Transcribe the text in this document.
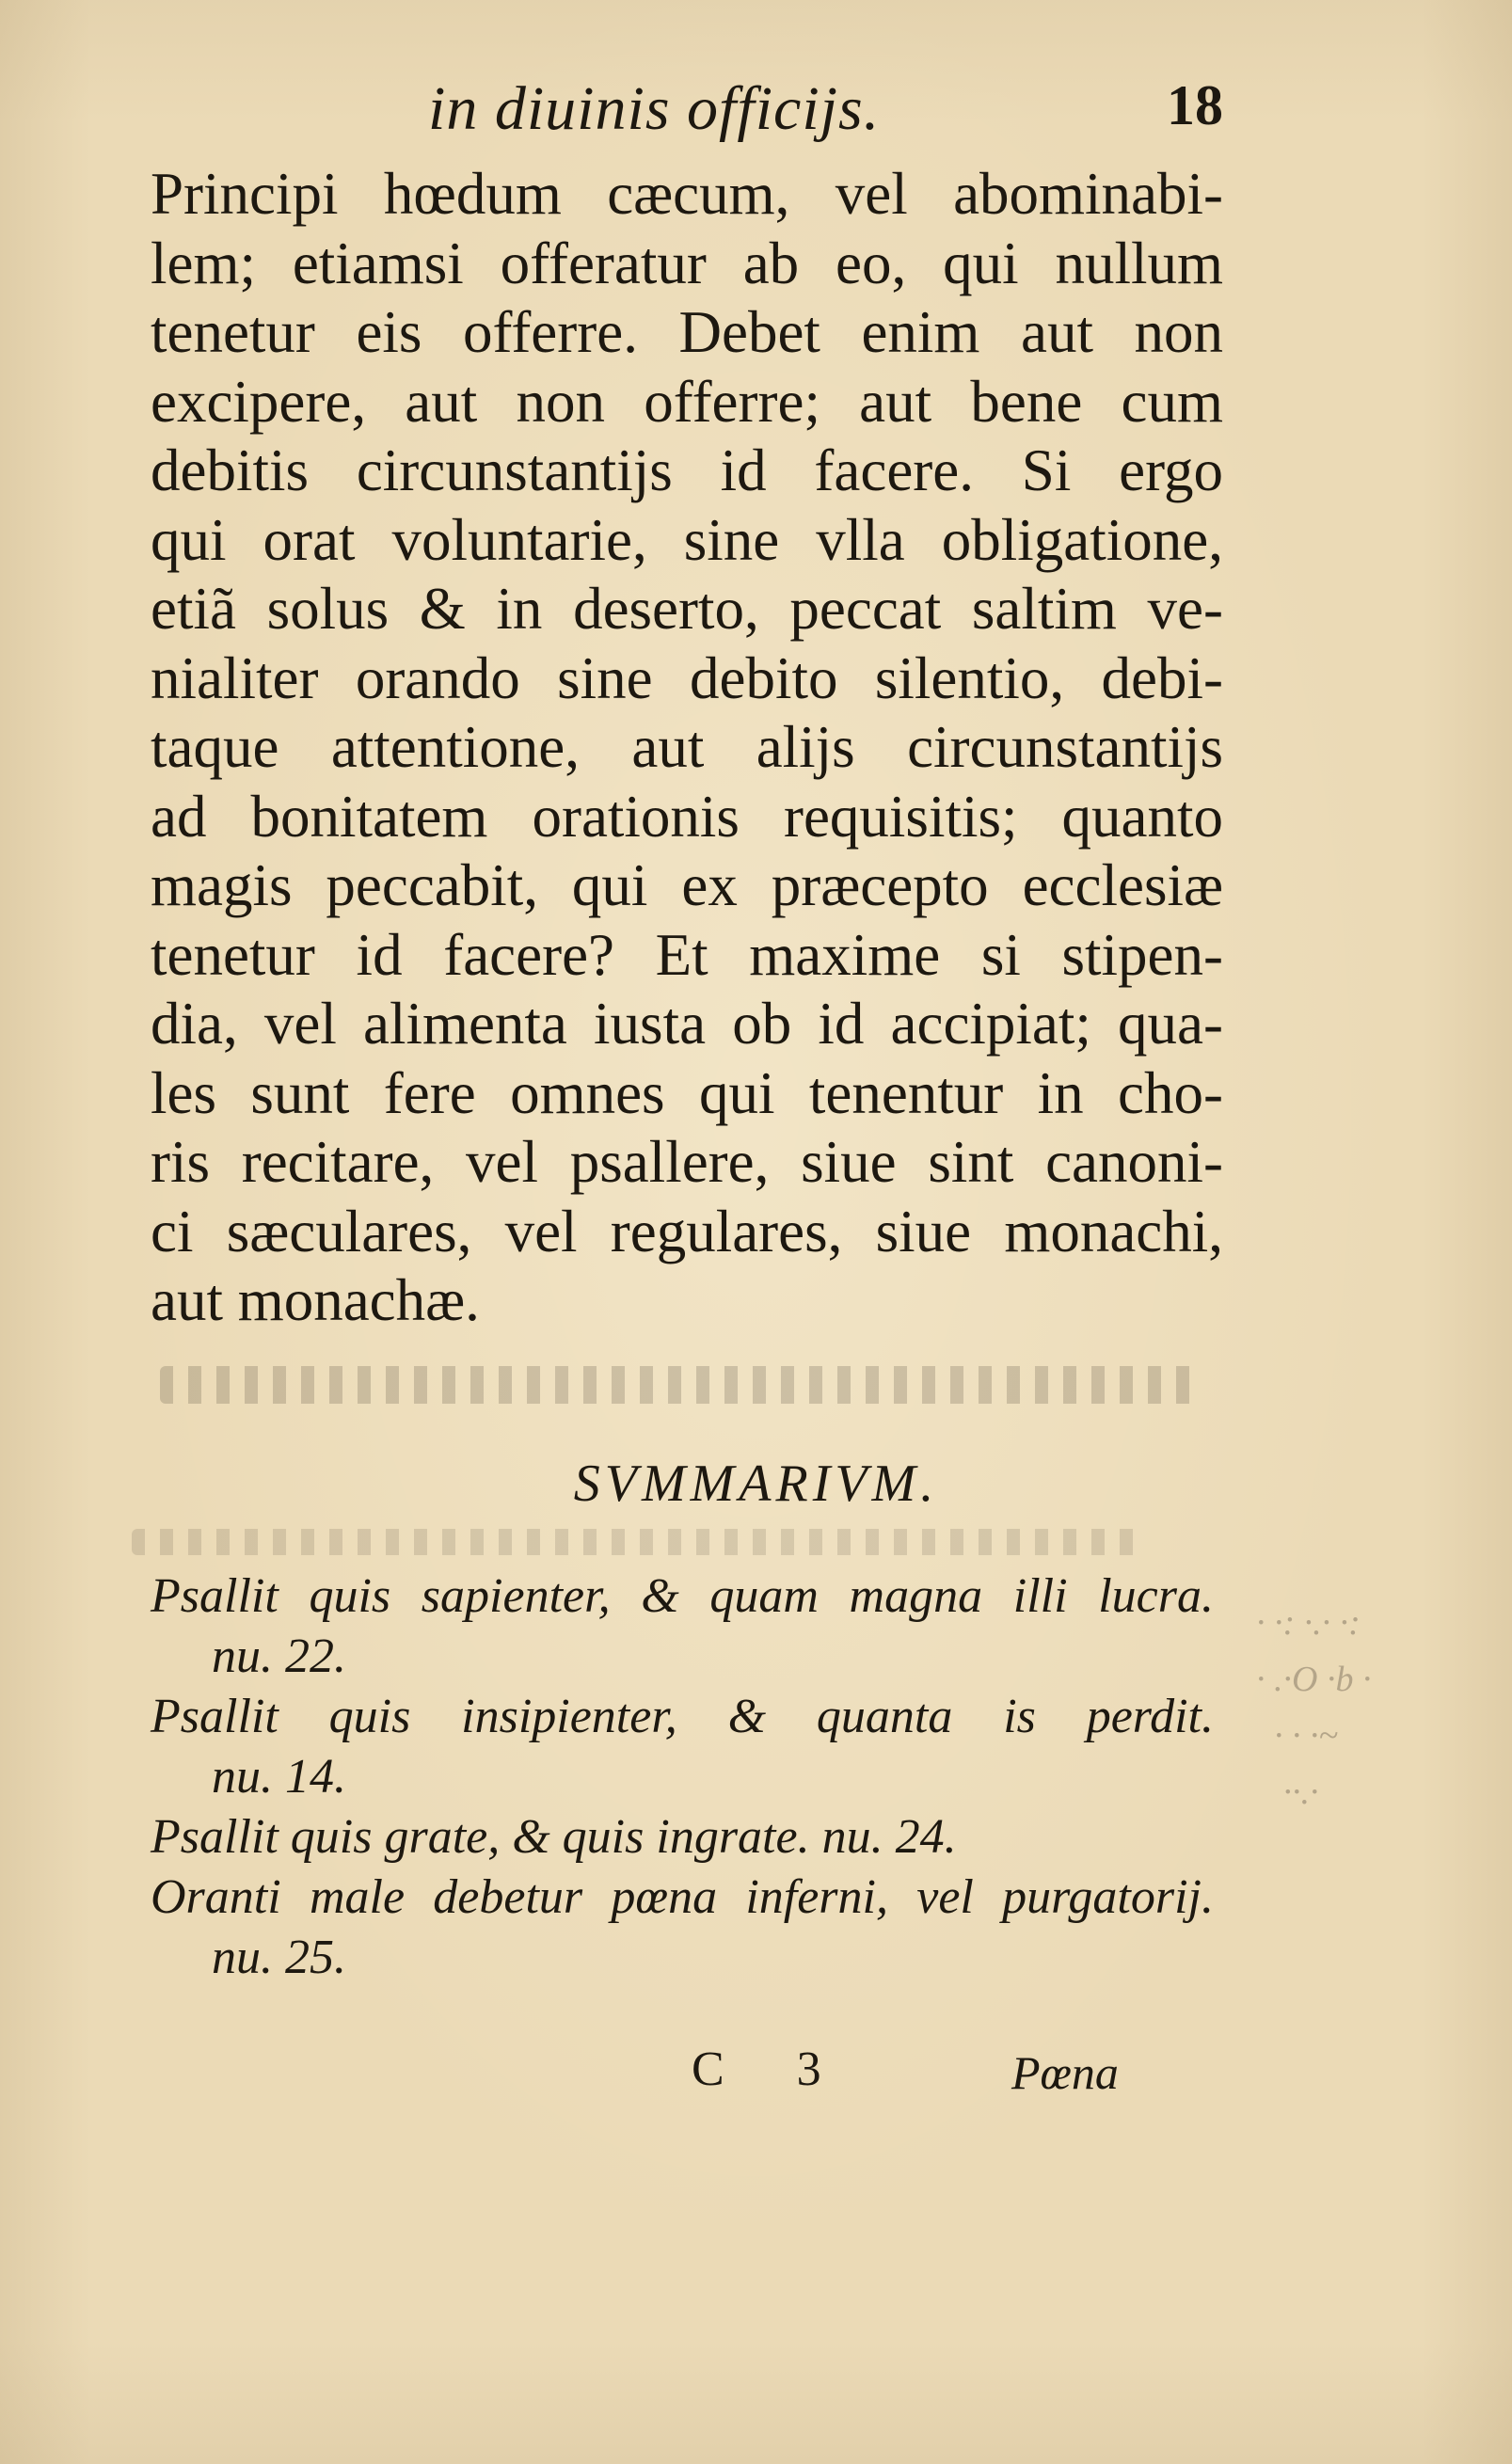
in diuinis officijs.	18
Principi hœdum cæcum, vel abominabi-
lem; etiamsi offeratur ab eo, qui nullum
tenetur eis offerre. Debet enim aut non
excipere, aut non offerre; aut bene cum
debitis circunstantijs id facere. Si ergo
qui orat voluntarie, sine vlla obligatione,
etiã solus & in deserto, peccat saltim ve-
nialiter orando sine debito silentio, debi-
taque attentione, aut alijs circunstantijs
ad bonitatem orationis requisitis; quanto
magis peccabit, qui ex præcepto ecclesiæ
tenetur id facere? Et maxime si stipen-
dia, vel alimenta iusta ob id accipiat; qua-
les sunt fere omnes qui tenentur in cho-
ris recitare, vel psallere, siue sint canoni-
ci sæculares, vel regulares, siue monachi,
aut monachæ.
SVMMARIVM.
Psallit quis sapienter, & quam magna illi lucra.
nu. 22.
Psallit quis insipienter, & quanta is perdit.
nu. 14.
Psallit quis grate, & quis ingrate. nu. 24.
Oranti male debetur pœna inferni, vel purgatorij.
nu. 25.
· ·: ·.· ·:
· .·O ·b ·
· · ·~
··.·
C 3	Pœna
